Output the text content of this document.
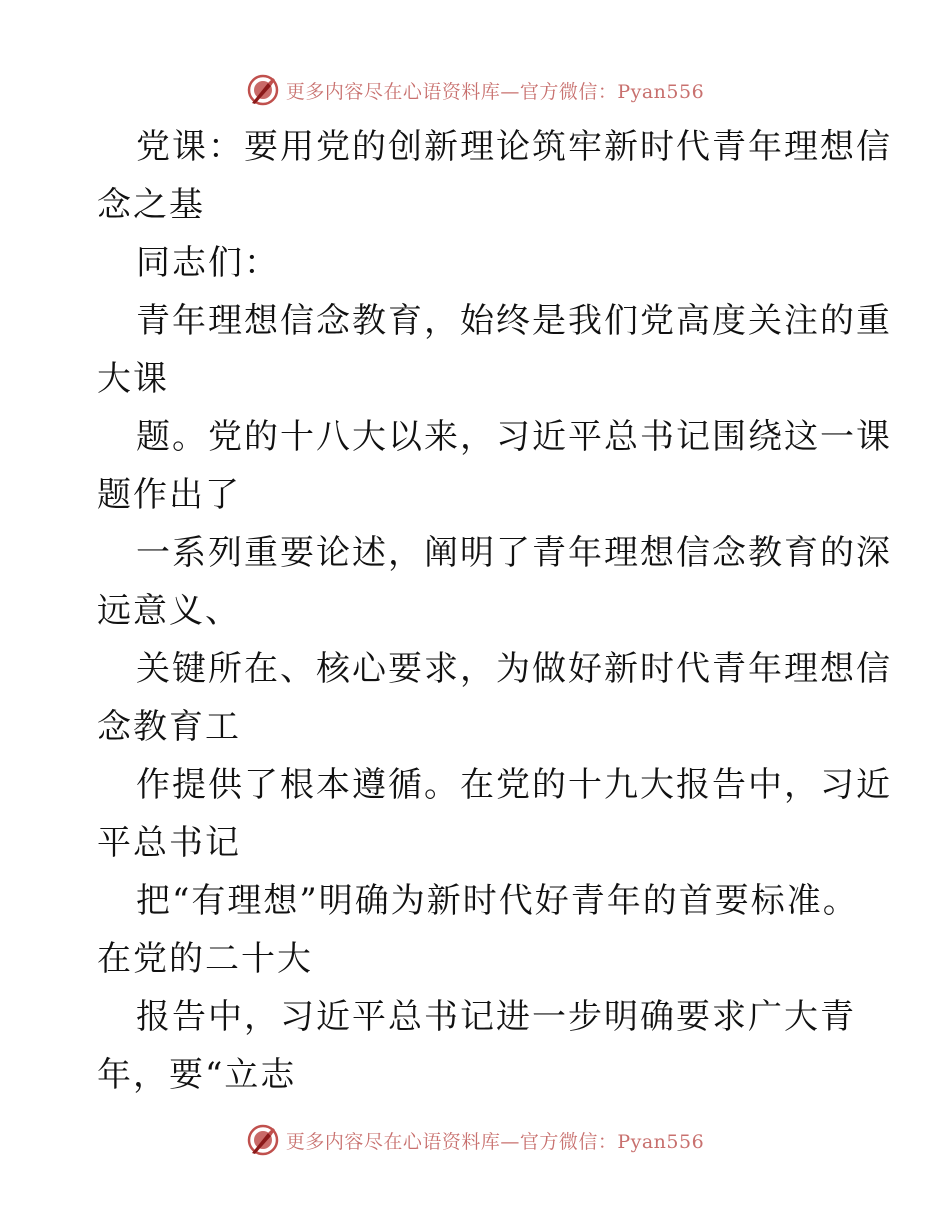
更多内容尽在心语资料库—官方微信：Pyan556
党课：要用党的创新理论筑牢新时代青年理想信
念之基
同志们：
青年理想信念教育，始终是我们党高度关注的重
大课
题。党的十八大以来，习近平总书记围绕这一课
题作出了
一系列重要论述，阐明了青年理想信念教育的深
远意义、
关键所在、核心要求，为做好新时代青年理想信
念教育工
作提供了根本遵循。在党的十九大报告中，习近
平总书记
把“有理想”明确为新时代好青年的首要标准。
在党的二十大
报告中，习近平总书记进一步明确要求广大青
年，要“立志
更多内容尽在心语资料库—官方微信：Pyan556
